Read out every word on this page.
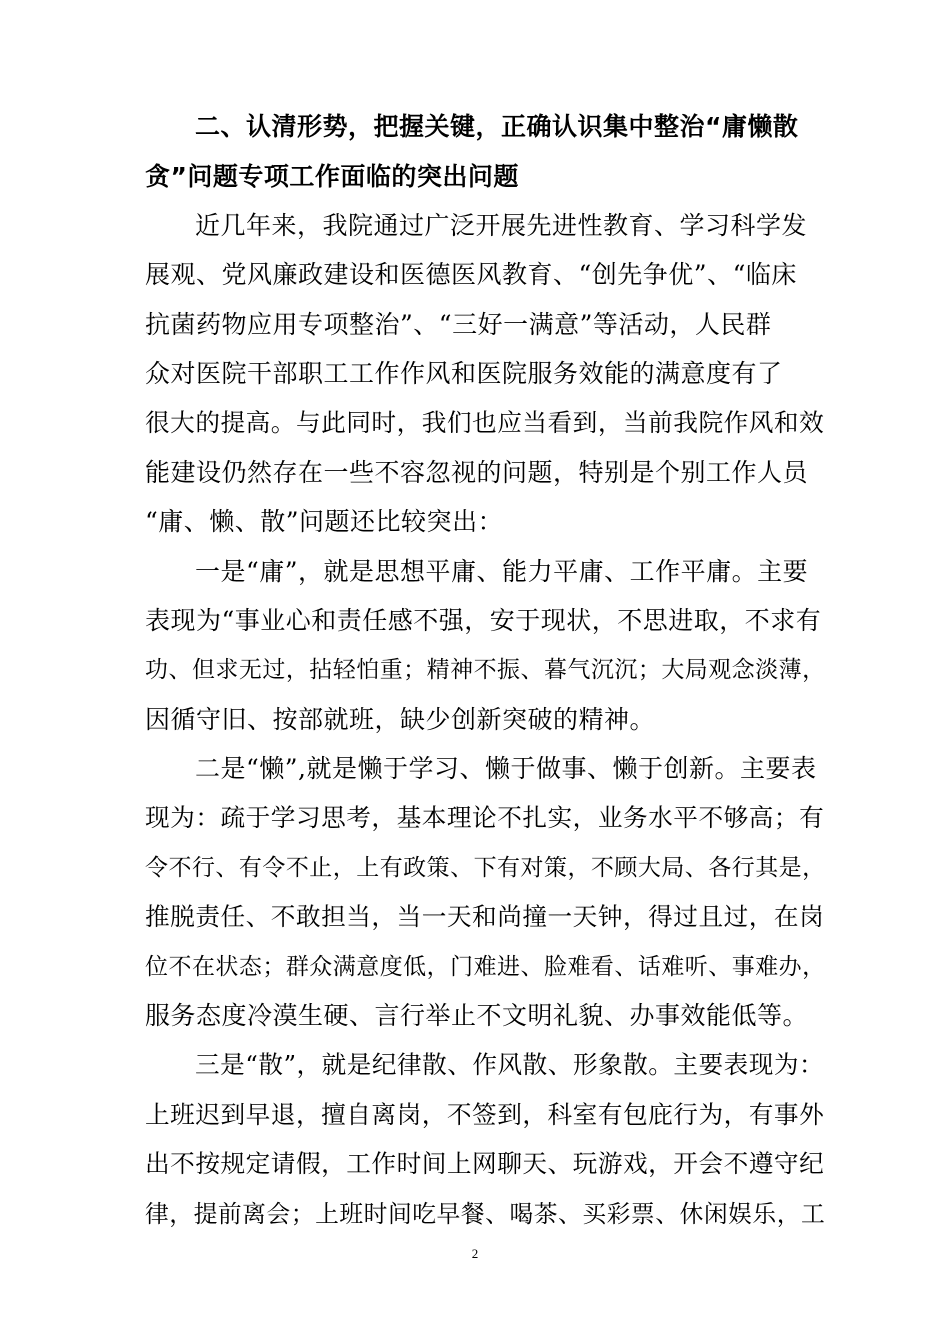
二、认清形势，把握关键，正确认识集中整治“庸懒散
贪”问题专项工作面临的突出问题
近几年来，我院通过广泛开展先进性教育、学习科学发
展观、党风廉政建设和医德医风教育、“创先争优”、“临床
抗菌药物应用专项整治”、“三好一满意”等活动，人民群
众对医院干部职工工作作风和医院服务效能的满意度有了
很大的提高。与此同时，我们也应当看到，当前我院作风和效
能建设仍然存在一些不容忽视的问题，特别是个别工作人员
“庸、懒、散”问题还比较突出：
一是“庸”，就是思想平庸、能力平庸、工作平庸。主要
表现为“事业心和责任感不强，安于现状，不思进取，不求有
功、但求无过，拈轻怕重；精神不振、暮气沉沉；大局观念淡薄，
因循守旧、按部就班，缺少创新突破的精神。
二是“懒”,就是懒于学习、懒于做事、懒于创新。主要表
现为：疏于学习思考，基本理论不扎实，业务水平不够高；有
令不行、有令不止，上有政策、下有对策，不顾大局、各行其是，
推脱责任、不敢担当，当一天和尚撞一天钟，得过且过，在岗
位不在状态；群众满意度低，门难进、脸难看、话难听、事难办，
服务态度冷漠生硬、言行举止不文明礼貌、办事效能低等。
三是“散”，就是纪律散、作风散、形象散。主要表现为：
上班迟到早退，擅自离岗，不签到，科室有包庇行为，有事外
出不按规定请假，工作时间上网聊天、玩游戏，开会不遵守纪
律，提前离会；上班时间吃早餐、喝茶、买彩票、休闲娱乐，工
2
